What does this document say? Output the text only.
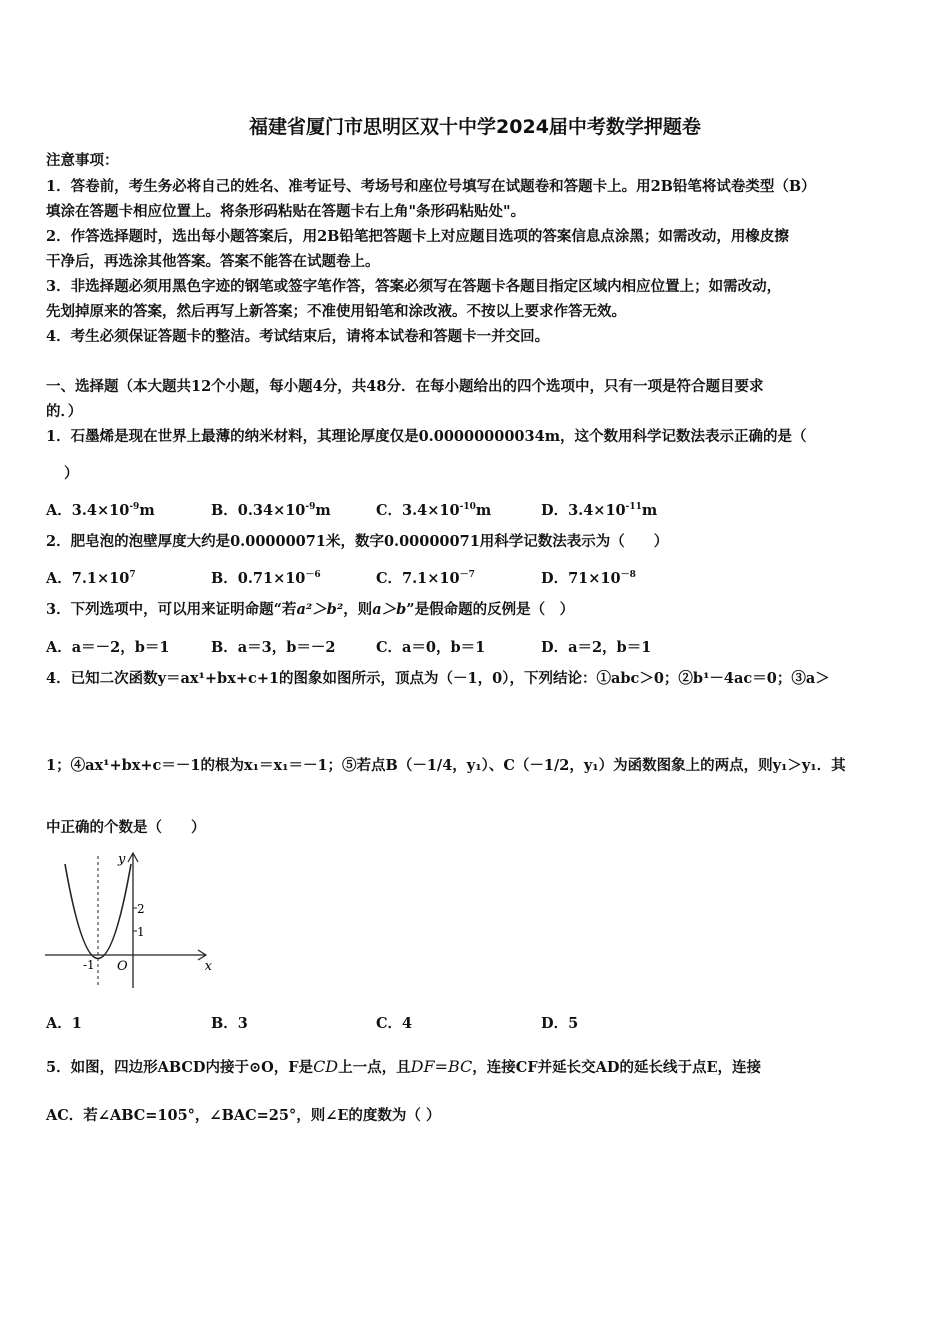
福建省厦门市思明区双十中学2024届中考数学押题卷
注意事项：
1．答卷前，考生务必将自己的姓名、准考证号、考场号和座位号填写在试题卷和答题卡上。用2B铅笔将试卷类型（B）
填涂在答题卡相应位置上。将条形码粘贴在答题卡右上角"条形码粘贴处"。
2．作答选择题时，选出每小题答案后，用2B铅笔把答题卡上对应题目选项的答案信息点涂黑；如需改动，用橡皮擦
干净后，再选涂其他答案。答案不能答在试题卷上。
3．非选择题必须用黑色字迹的钢笔或签字笔作答，答案必须写在答题卡各题目指定区域内相应位置上；如需改动，
先划掉原来的答案，然后再写上新答案；不准使用铅笔和涂改液。不按以上要求作答无效。
4．考生必须保证答题卡的整洁。考试结束后，请将本试卷和答题卡一并交回。
一、选择题（本大题共12个小题，每小题4分，共48分．在每小题给出的四个选项中，只有一项是符合题目要求
的．）
1．石墨烯是现在世界上最薄的纳米材料，其理论厚度仅是0.00000000034m，这个数用科学记数法表示正确的是（
）
A．$3.4\times 10^{-9}m$	B．$0.34\times 10^{-9}m$	C．$3.4\times 10^{-10}m$	D．$3.4\times 10^{-11}m$
2．肥皂泡的泡壁厚度大约是0.00000071米，数字0.00000071用科学记数法表示为（　　）
A．$7.1\times 10^7$	B．$0.71\times 10^{-6}$	C．$7.1\times 10^{-7}$	D．$71\times 10^{-8}$
3．下列选项中，可以用来证明命题“若a²＞b²，则a＞b”是假命题的反例是（　）
A．a＝－2，b＝1	B．a＝3，b＝－2	C．a＝0，b＝1	D．a＝2，b＝1
4．已知二次函数y＝ax¹+bx+c+1的图象如图所示，顶点为（－1，0），下列结论：①abc＞0；②b¹－4ac＝0；③a＞
1；④ax¹+bx+c＝－1的根为x₁＝x₁＝－1；⑤若点B（－1/4，y₁）、C（－1/2，y₁）为函数图象上的两点，则y₁＞y₁．其
中正确的个数是（　　）
x
y
O
-1
1
2
A．1	B．3	C．4	D．5
5．如图，四边形ABCD内接于⊙O，F是CD上一点，且DF=BC，连接CF并延长交AD的延长线于点E，连接
AC．若∠ABC=105°，∠BAC=25°，则∠E的度数为（ ）
